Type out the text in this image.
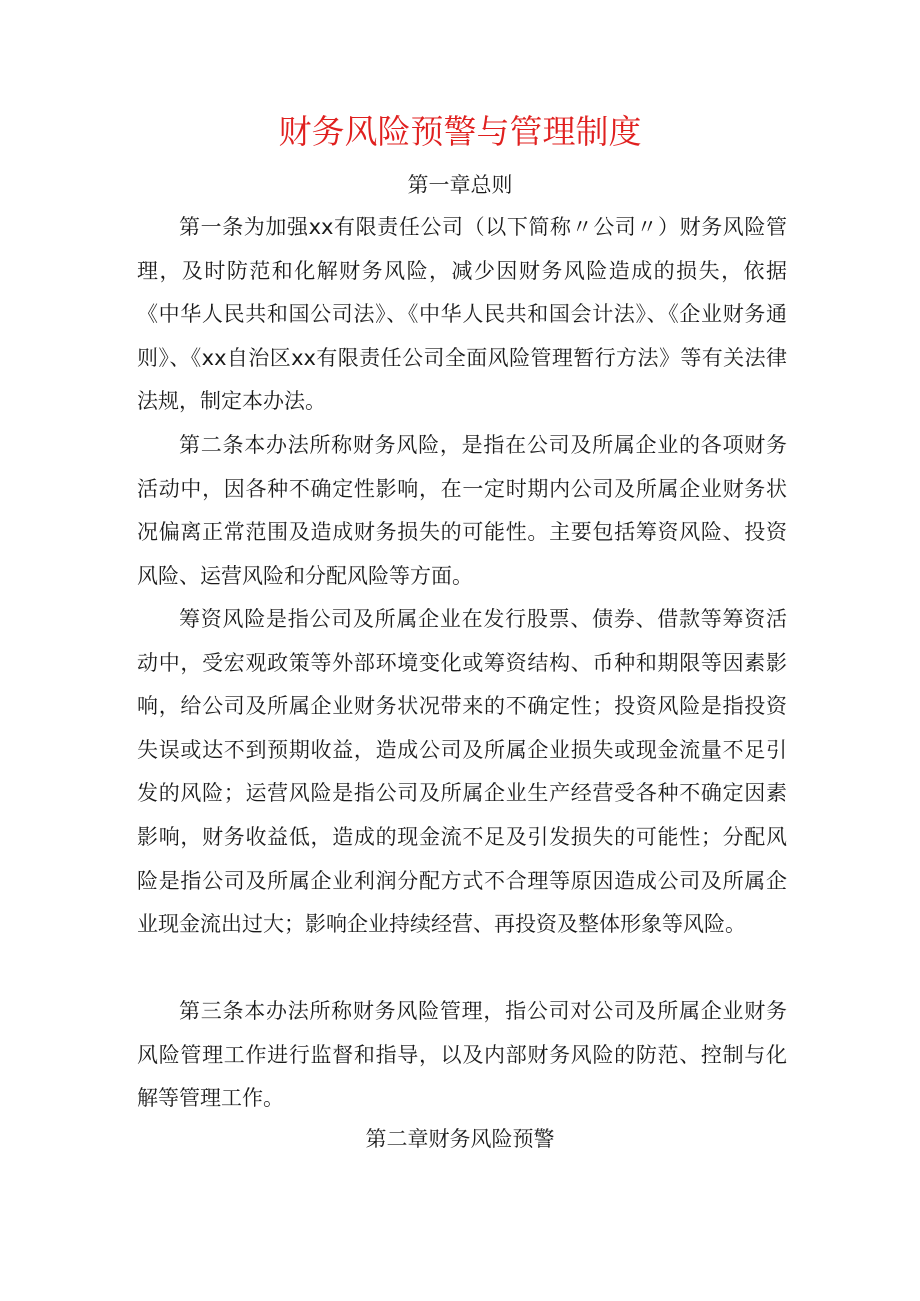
财务风险预警与管理制度
第一章总则

第一条为加强xx有限责任公司（以下简称〃公司〃）财务风险管理，及时防范和化解财务风险，减少因财务风险造成的损失，依据《中华人民共和国公司法》、《中华人民共和国会计法》、《企业财务通则》、《xx自治区xx有限责任公司全面风险管理暂行方法》等有关法律法规，制定本办法。

第二条本办法所称财务风险，是指在公司及所属企业的各项财务活动中，因各种不确定性影响，在一定时期内公司及所属企业财务状况偏离正常范围及造成财务损失的可能性。主要包括筹资风险、投资风险、运营风险和分配风险等方面。

筹资风险是指公司及所属企业在发行股票、债券、借款等筹资活动中，受宏观政策等外部环境变化或筹资结构、币种和期限等因素影响，给公司及所属企业财务状况带来的不确定性；投资风险是指投资失误或达不到预期收益，造成公司及所属企业损失或现金流量不足引发的风险；运营风险是指公司及所属企业生产经营受各种不确定因素影响，财务收益低，造成的现金流不足及引发损失的可能性；分配风险是指公司及所属企业利润分配方式不合理等原因造成公司及所属企业现金流出过大；影响企业持续经营、再投资及整体形象等风险。

第三条本办法所称财务风险管理，指公司对公司及所属企业财务风险管理工作进行监督和指导，以及内部财务风险的防范、控制与化解等管理工作。

第二章财务风险预警
